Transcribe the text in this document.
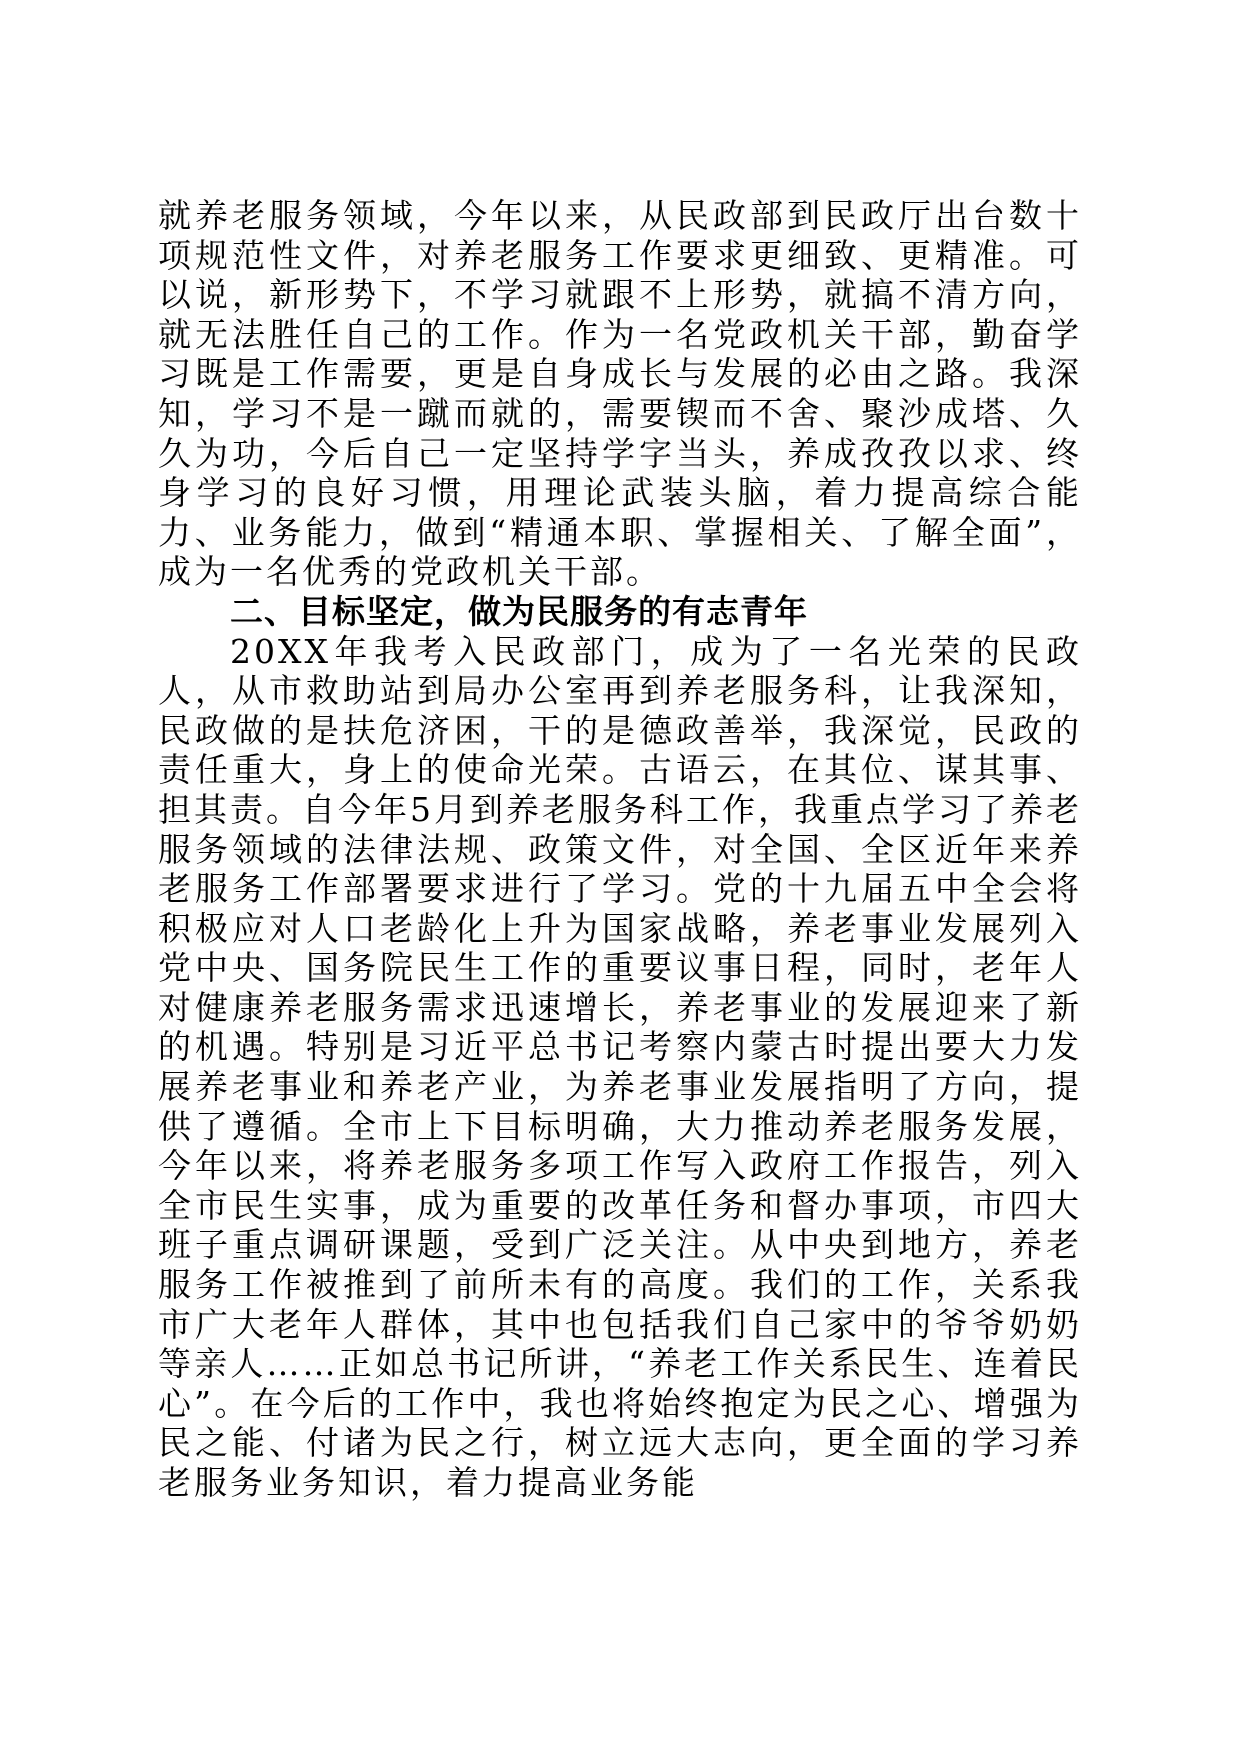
就养老服务领域，今年以来，从民政部到民政厅出台数十项规范性文件，对养老服务工作要求更细致、更精准。可以说，新形势下，不学习就跟不上形势，就搞不清方向，就无法胜任自己的工作。作为一名党政机关干部，勤奋学习既是工作需要，更是自身成长与发展的必由之路。我深知，学习不是一蹴而就的，需要锲而不舍、聚沙成塔、久久为功，今后自己一定坚持学字当头，养成孜孜以求、终身学习的良好习惯，用理论武装头脑，着力提高综合能力、业务能力，做到“精通本职、掌握相关、了解全面”，成为一名优秀的党政机关干部。

二、目标坚定，做为民服务的有志青年

20XX年我考入民政部门，成为了一名光荣的民政人，从市救助站到局办公室再到养老服务科，让我深知，民政做的是扶危济困，干的是德政善举，我深觉，民政的责任重大，身上的使命光荣。古语云，在其位、谋其事、担其责。自今年5月到养老服务科工作，我重点学习了养老服务领域的法律法规、政策文件，对全国、全区近年来养老服务工作部署要求进行了学习。党的十九届五中全会将积极应对人口老龄化上升为国家战略，养老事业发展列入党中央、国务院民生工作的重要议事日程，同时，老年人对健康养老服务需求迅速增长，养老事业的发展迎来了新的机遇。特别是习近平总书记考察内蒙古时提出要大力发展养老事业和养老产业，为养老事业发展指明了方向，提供了遵循。全市上下目标明确，大力推动养老服务发展，今年以来，将养老服务多项工作写入政府工作报告，列入全市民生实事，成为重要的改革任务和督办事项，市四大班子重点调研课题，受到广泛关注。从中央到地方，养老服务工作被推到了前所未有的高度。我们的工作，关系我市广大老年人群体，其中也包括我们自己家中的爷爷奶奶等亲人……正如总书记所讲，“养老工作关系民生、连着民心”。在今后的工作中，我也将始终抱定为民之心、增强为民之能、付诸为民之行，树立远大志向，更全面的学习养老服务业务知识，着力提高业务能
